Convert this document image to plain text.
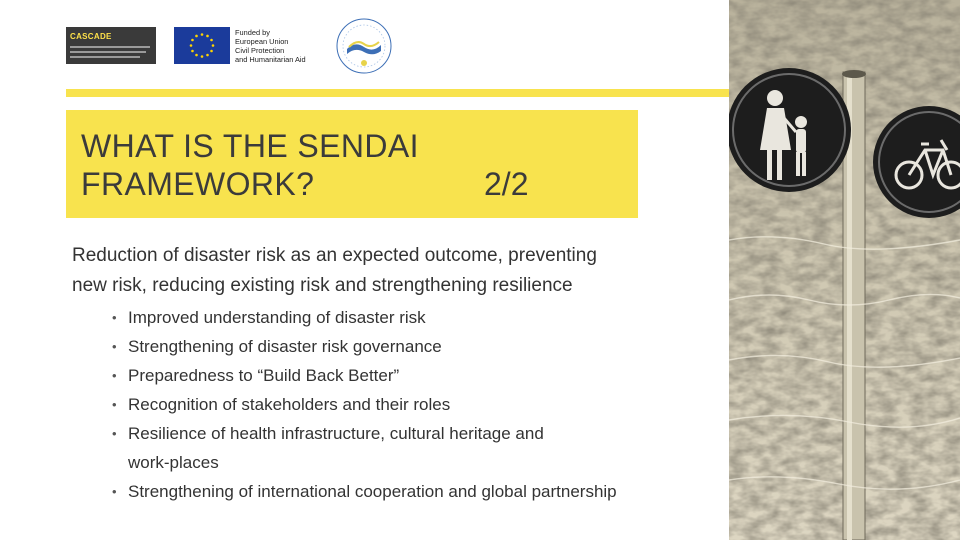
CASCADE	Funded by
European Union
Civil Protection
and Humanitarian Aid
WHAT IS THE SENDAI
FRAMEWORK?	2/2
Reduction of disaster risk as an expected outcome, preventing
new risk, reducing existing risk and strengthening resilience
• Improved understanding of disaster risk
• Strengthening of disaster risk governance
• Preparedness to “Build Back Better”
• Recognition of stakeholders and their roles
• Resilience of health infrastructure, cultural heritage and
work-places
• Strengthening of international cooperation and global partnership
